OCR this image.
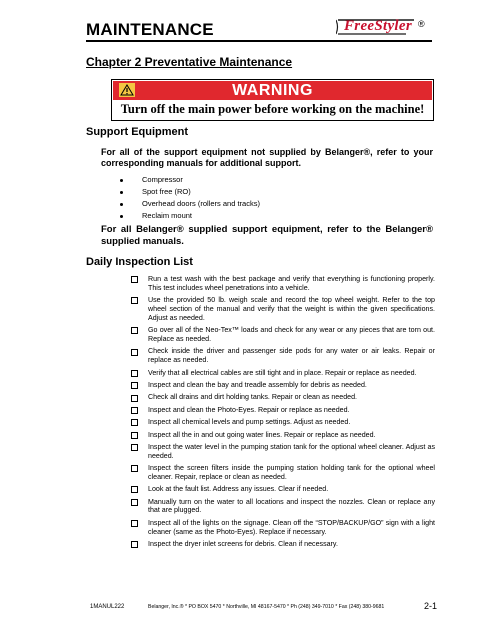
MAINTENANCE	FreeStyler ®
Chapter 2 Preventative Maintenance
WARNING
Turn off the main power before working on the machine!
Support Equipment
For all of the support equipment not supplied by Belanger®, refer to your corresponding manuals for additional support.
Compressor
Spot free (RO)
Overhead doors (rollers and tracks)
Reclaim mount
For all Belanger® supplied support equipment, refer to the Belanger® supplied manuals.
Daily Inspection List
Run a test wash with the best package and verify that everything is functioning properly. This test includes wheel penetrations into a vehicle.
Use the provided 50 lb. weigh scale and record the top wheel weight. Refer to the top wheel section of the manual and verify that the weight is within the given specifications. Adjust as needed.
Go over all of the Neo-Tex™ loads and check for any wear or any pieces that are torn out. Replace as needed.
Check inside the driver and passenger side pods for any water or air leaks. Repair or replace as needed.
Verify that all electrical cables are still tight and in place. Repair or replace as needed.
Inspect and clean the bay and treadle assembly for debris as needed.
Check all drains and dirt holding tanks. Repair or clean as needed.
Inspect and clean the Photo-Eyes. Repair or replace as needed.
Inspect all chemical levels and pump settings. Adjust as needed.
Inspect all the in and out going water lines. Repair or replace as needed.
Inspect the water level in the pumping station tank for the optional wheel cleaner. Adjust as needed.
Inspect the screen filters inside the pumping station holding tank for the optional wheel cleaner. Repair, replace or clean as needed.
Look at the fault list. Address any issues. Clear if needed.
Manually turn on the water to all locations and inspect the nozzles. Clean or replace any that are plugged.
Inspect all of the lights on the signage. Clean off the “STOP/BACKUP/GO” sign with a light cleaner (same as the Photo-Eyes). Replace if necessary.
Inspect the dryer inlet screens for debris. Clean if necessary.
1MANUL222	Belanger, Inc.® * PO BOX 5470 * Northville, MI 48167-5470 * Ph (248) 349-7010 * Fax (248) 380-9681	2-1
